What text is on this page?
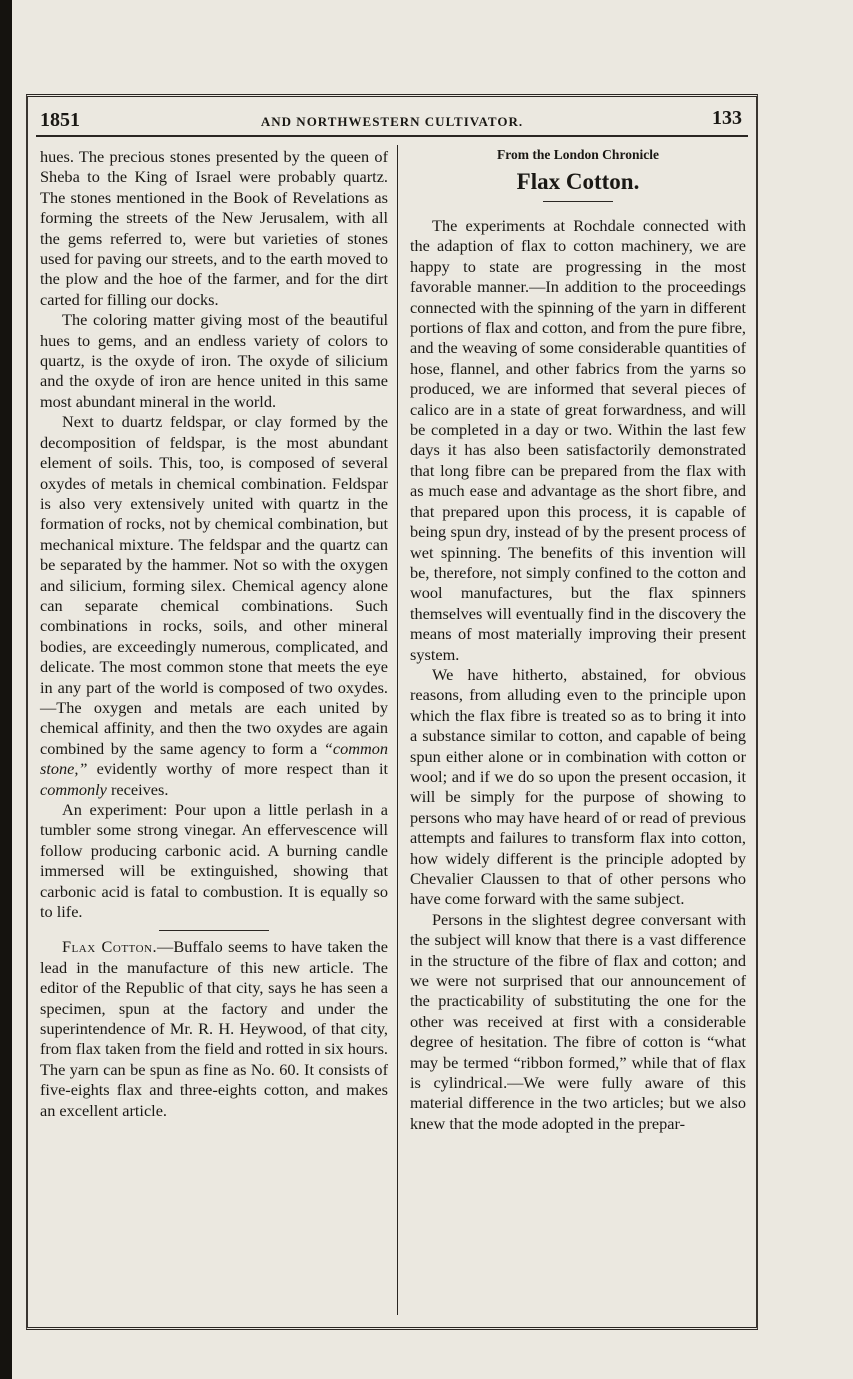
1851	AND NORTHWESTERN CULTIVATOR.	133

hues. The precious stones presented by the queen of Sheba to the King of Israel were probably quartz. The stones mentioned in the Book of Revelations as forming the streets of the New Jerusalem, with all the gems referred to, were but varieties of stones used for paving our streets, and to the earth moved to the plow and the hoe of the farmer, and for the dirt carted for filling our docks.

The coloring matter giving most of the beautiful hues to gems, and an endless variety of colors to quartz, is the oxyde of iron. The oxyde of silicium and the oxyde of iron are hence united in this same most abundant mineral in the world.

Next to duartz feldspar, or clay formed by the decomposition of feldspar, is the most abundant element of soils. This, too, is composed of several oxydes of metals in chemical combination. Feldspar is also very extensively united with quartz in the formation of rocks, not by chemical combination, but mechanical mixture. The feldspar and the quartz can be separated by the hammer. Not so with the oxygen and silicium, forming silex. Chemical agency alone can separate chemical combinations. Such combinations in rocks, soils, and other mineral bodies, are exceedingly numerous, complicated, and delicate. The most common stone that meets the eye in any part of the world is composed of two oxydes.—The oxygen and metals are each united by chemical affinity, and then the two oxydes are again combined by the same agency to form a “common stone,” evidently worthy of more respect than it commonly receives.

An experiment: Pour upon a little perlash in a tumbler some strong vinegar. An effervescence will follow producing carbonic acid. A burning candle immersed will be extinguished, showing that carbonic acid is fatal to combustion. It is equally so to life.

Flax Cotton.—Buffalo seems to have taken the lead in the manufacture of this new article. The editor of the Republic of that city, says he has seen a specimen, spun at the factory and under the superintendence of Mr. R. H. Heywood, of that city, from flax taken from the field and rotted in six hours. The yarn can be spun as fine as No. 60. It consists of five-eights flax and three-eights cotton, and makes an excellent article.

From the London Chronicle
Flax Cotton.

The experiments at Rochdale connected with the adaption of flax to cotton machinery, we are happy to state are progressing in the most favorable manner.—In addition to the proceedings connected with the spinning of the yarn in different portions of flax and cotton, and from the pure fibre, and the weaving of some considerable quantities of hose, flannel, and other fabrics from the yarns so produced, we are informed that several pieces of calico are in a state of great forwardness, and will be completed in a day or two. Within the last few days it has also been satisfactorily demonstrated that long fibre can be prepared from the flax with as much ease and advantage as the short fibre, and that prepared upon this process, it is capable of being spun dry, instead of by the present process of wet spinning. The benefits of this invention will be, therefore, not simply confined to the cotton and wool manufactures, but the flax spinners themselves will eventually find in the discovery the means of most materially improving their present system.

We have hitherto, abstained, for obvious reasons, from alluding even to the principle upon which the flax fibre is treated so as to bring it into a substance similar to cotton, and capable of being spun either alone or in combination with cotton or wool; and if we do so upon the present occasion, it will be simply for the purpose of showing to persons who may have heard of or read of previous attempts and failures to transform flax into cotton, how widely different is the principle adopted by Chevalier Claussen to that of other persons who have come forward with the same subject.

Persons in the slightest degree conversant with the subject will know that there is a vast difference in the structure of the fibre of flax and cotton; and we were not surprised that our announcement of the practicability of substituting the one for the other was received at first with a considerable degree of hesitation. The fibre of cotton is “what may be termed “ribbon formed,” while that of flax is cylindrical.—We were fully aware of this material difference in the two articles; but we also knew that the mode adopted in the prepar-
